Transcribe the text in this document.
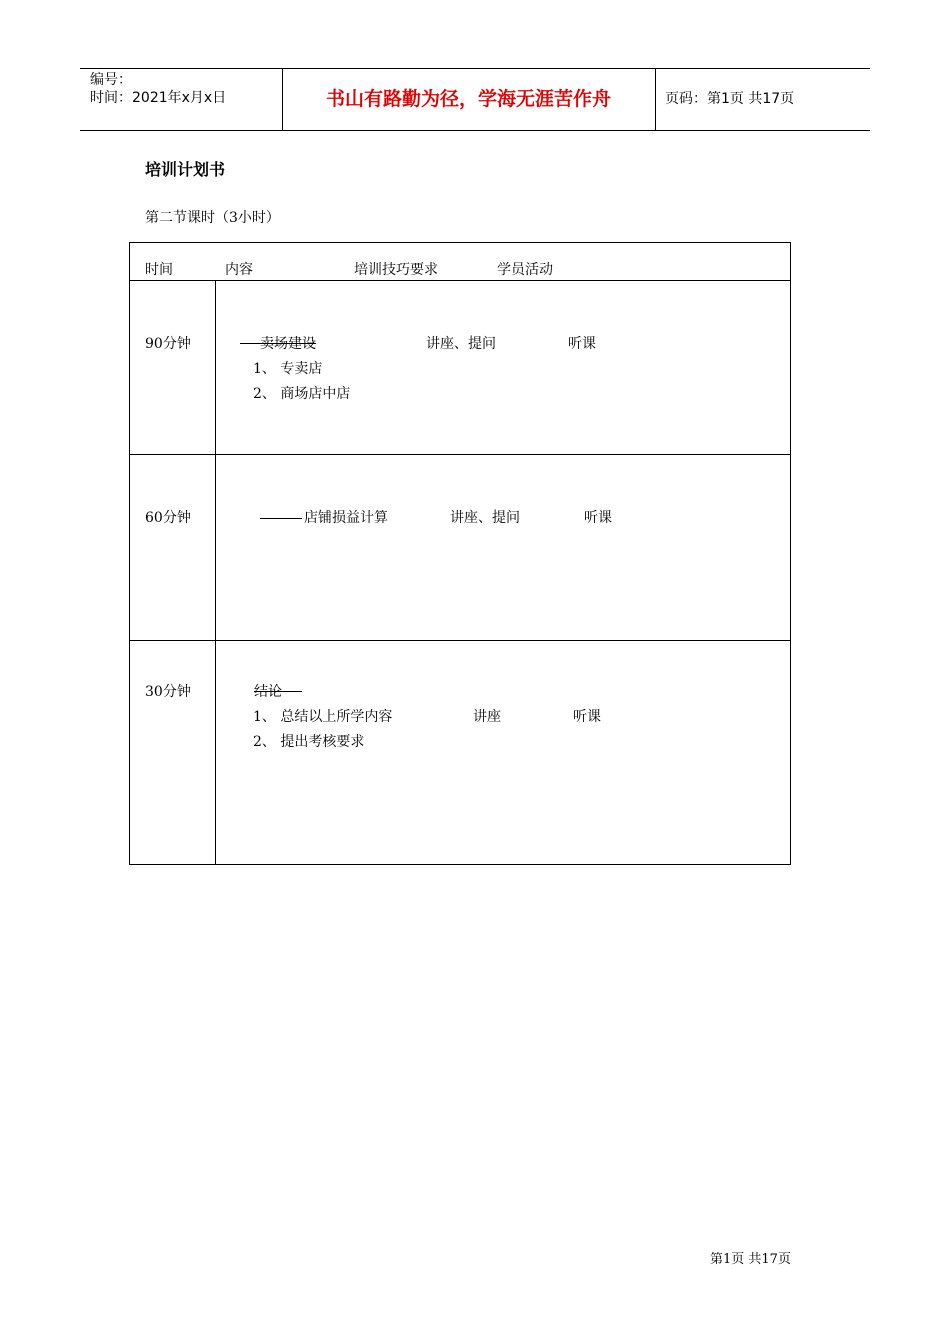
编号：
时间：2021年x月x日	书山有路勤为径，学海无涯苦作舟	页码：第1页 共17页
培训计划书
第二节课时（3小时）
时间	内容	培训技巧要求	学员活动
90分钟	卖场建设	讲座、提问	听课
1、 专卖店
2、 商场店中店
60分钟	店铺损益计算	讲座、提问	听课
30分钟	结论
1、 总结以上所学内容	讲座	听课
2、 提出考核要求
第1页 共17页
